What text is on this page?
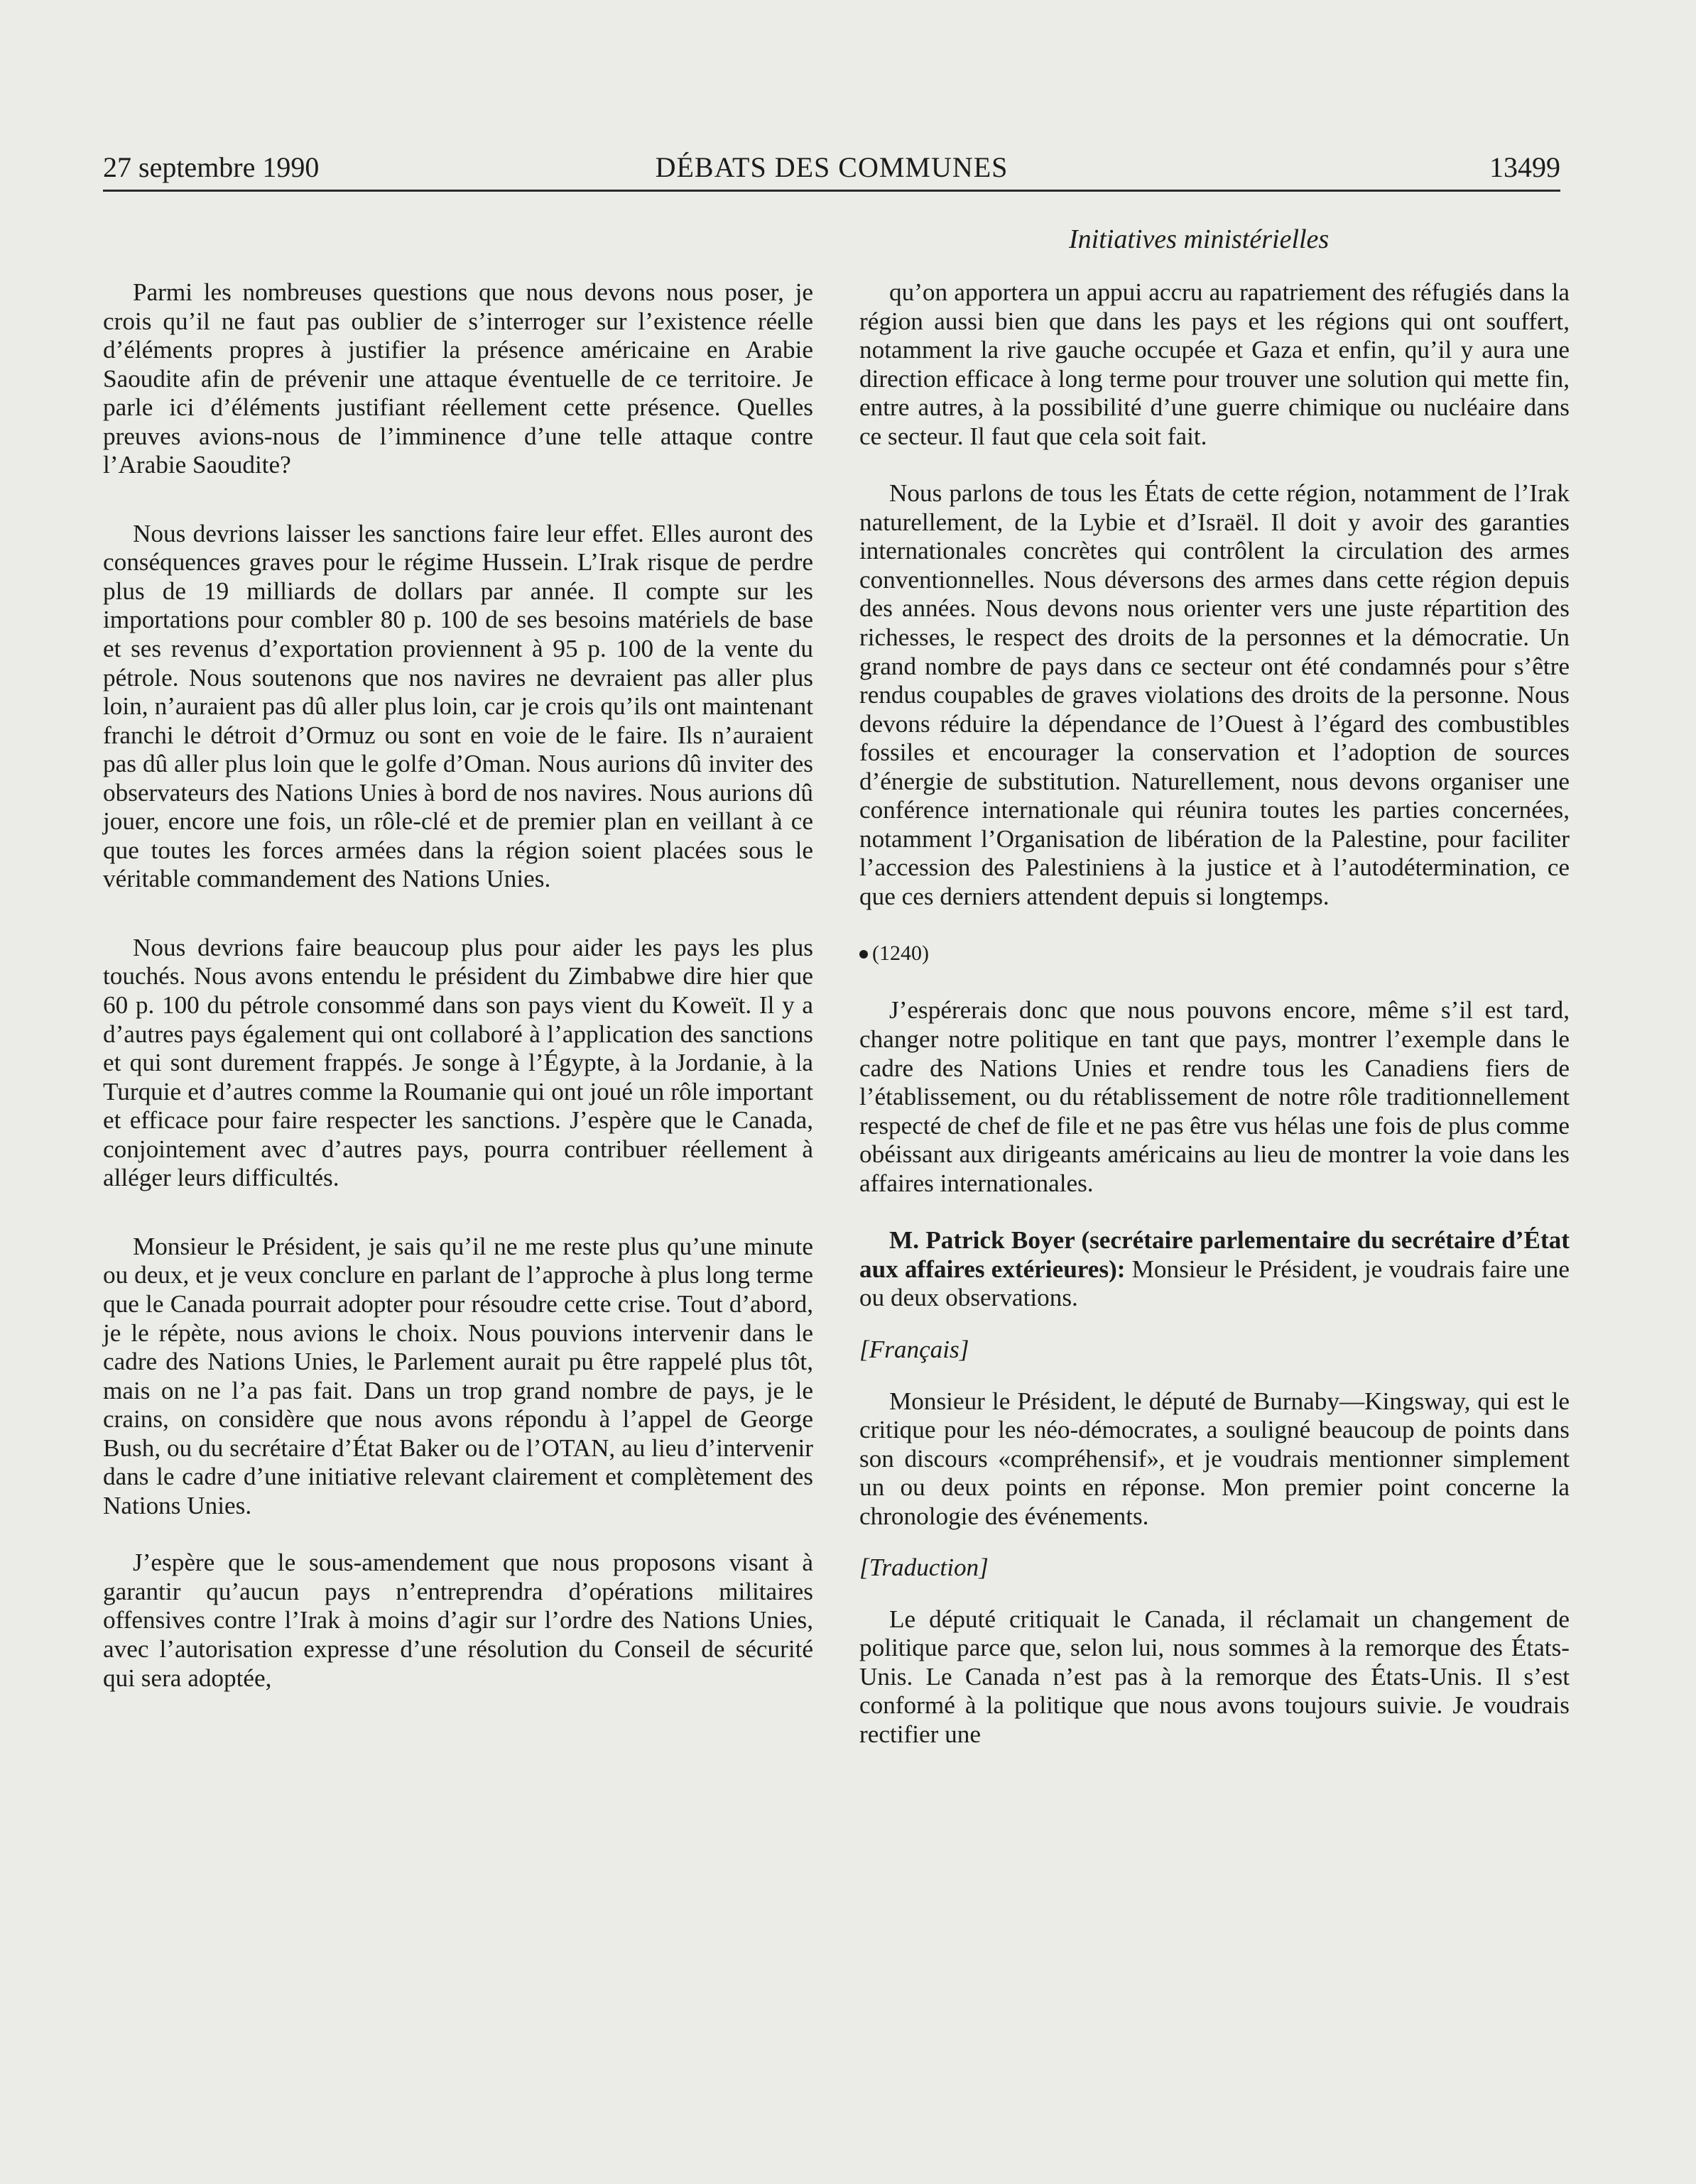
27 septembre 1990	DÉBATS DES COMMUNES	13499
Initiatives ministérielles

Parmi les nombreuses questions que nous devons nous poser, je crois qu’il ne faut pas oublier de s’interroger sur l’existence réelle d’éléments propres à justifier la présence américaine en Arabie Saoudite afin de prévenir une attaque éventuelle de ce territoire. Je parle ici d’éléments justifiant réellement cette présence. Quelles preuves avions-nous de l’imminence d’une telle attaque contre l’Arabie Saoudite?

Nous devrions laisser les sanctions faire leur effet. Elles auront des conséquences graves pour le régime Hussein. L’Irak risque de perdre plus de 19 milliards de dollars par année. Il compte sur les importations pour combler 80 p. 100 de ses besoins matériels de base et ses revenus d’exportation proviennent à 95 p. 100 de la vente du pétrole. Nous soutenons que nos navires ne devraient pas aller plus loin, n’auraient pas dû aller plus loin, car je crois qu’ils ont maintenant franchi le détroit d’Ormuz ou sont en voie de le faire. Ils n’auraient pas dû aller plus loin que le golfe d’Oman. Nous aurions dû inviter des observateurs des Nations Unies à bord de nos navires. Nous aurions dû jouer, encore une fois, un rôle-clé et de premier plan en veillant à ce que toutes les forces armées dans la région soient placées sous le véritable commandement des Nations Unies.

Nous devrions faire beaucoup plus pour aider les pays les plus touchés. Nous avons entendu le président du Zimbabwe dire hier que 60 p. 100 du pétrole consommé dans son pays vient du Koweït. Il y a d’autres pays également qui ont collaboré à l’application des sanctions et qui sont durement frappés. Je songe à l’Égypte, à la Jordanie, à la Turquie et d’autres comme la Roumanie qui ont joué un rôle important et efficace pour faire respecter les sanctions. J’espère que le Canada, conjointement avec d’autres pays, pourra contribuer réellement à alléger leurs difficultés.

Monsieur le Président, je sais qu’il ne me reste plus qu’une minute ou deux, et je veux conclure en parlant de l’approche à plus long terme que le Canada pourrait adopter pour résoudre cette crise. Tout d’abord, je le répète, nous avions le choix. Nous pouvions intervenir dans le cadre des Nations Unies, le Parlement aurait pu être rappelé plus tôt, mais on ne l’a pas fait. Dans un trop grand nombre de pays, je le crains, on considère que nous avons répondu à l’appel de George Bush, ou du secrétaire d’État Baker ou de l’OTAN, au lieu d’intervenir dans le cadre d’une initiative relevant clairement et complètement des Nations Unies.

J’espère que le sous-amendement que nous proposons visant à garantir qu’aucun pays n’entreprendra d’opérations militaires offensives contre l’Irak à moins d’agir sur l’ordre des Nations Unies, avec l’autorisation expresse d’une résolution du Conseil de sécurité qui sera adoptée,

qu’on apportera un appui accru au rapatriement des réfugiés dans la région aussi bien que dans les pays et les régions qui ont souffert, notamment la rive gauche occupée et Gaza et enfin, qu’il y aura une direction efficace à long terme pour trouver une solution qui mette fin, entre autres, à la possibilité d’une guerre chimique ou nucléaire dans ce secteur. Il faut que cela soit fait.

Nous parlons de tous les États de cette région, notamment de l’Irak naturellement, de la Lybie et d’Israël. Il doit y avoir des garanties internationales concrètes qui contrôlent la circulation des armes conventionnelles. Nous déversons des armes dans cette région depuis des années. Nous devons nous orienter vers une juste répartition des richesses, le respect des droits de la personnes et la démocratie. Un grand nombre de pays dans ce secteur ont été condamnés pour s’être rendus coupables de graves violations des droits de la personne. Nous devons réduire la dépendance de l’Ouest à l’égard des combustibles fossiles et encourager la conservation et l’adoption de sources d’énergie de substitution. Naturellement, nous devons organiser une conférence internationale qui réunira toutes les parties concernées, notamment l’Organisation de libération de la Palestine, pour faciliter l’accession des Palestiniens à la justice et à l’autodétermination, ce que ces derniers attendent depuis si longtemps.

(1240)

J’espérerais donc que nous pouvons encore, même s’il est tard, changer notre politique en tant que pays, montrer l’exemple dans le cadre des Nations Unies et rendre tous les Canadiens fiers de l’établissement, ou du rétablissement de notre rôle traditionnellement respecté de chef de file et ne pas être vus hélas une fois de plus comme obéissant aux dirigeants américains au lieu de montrer la voie dans les affaires internationales.

M. Patrick Boyer (secrétaire parlementaire du secrétaire d’État aux affaires extérieures): Monsieur le Président, je voudrais faire une ou deux observations.

[Français]

Monsieur le Président, le député de Burnaby—Kingsway, qui est le critique pour les néo-démocrates, a souligné beaucoup de points dans son discours «compréhensif», et je voudrais mentionner simplement un ou deux points en réponse. Mon premier point concerne la chronologie des événements.

[Traduction]

Le député critiquait le Canada, il réclamait un changement de politique parce que, selon lui, nous sommes à la remorque des États-Unis. Le Canada n’est pas à la remorque des États-Unis. Il s’est conformé à la politique que nous avons toujours suivie. Je voudrais rectifier une
